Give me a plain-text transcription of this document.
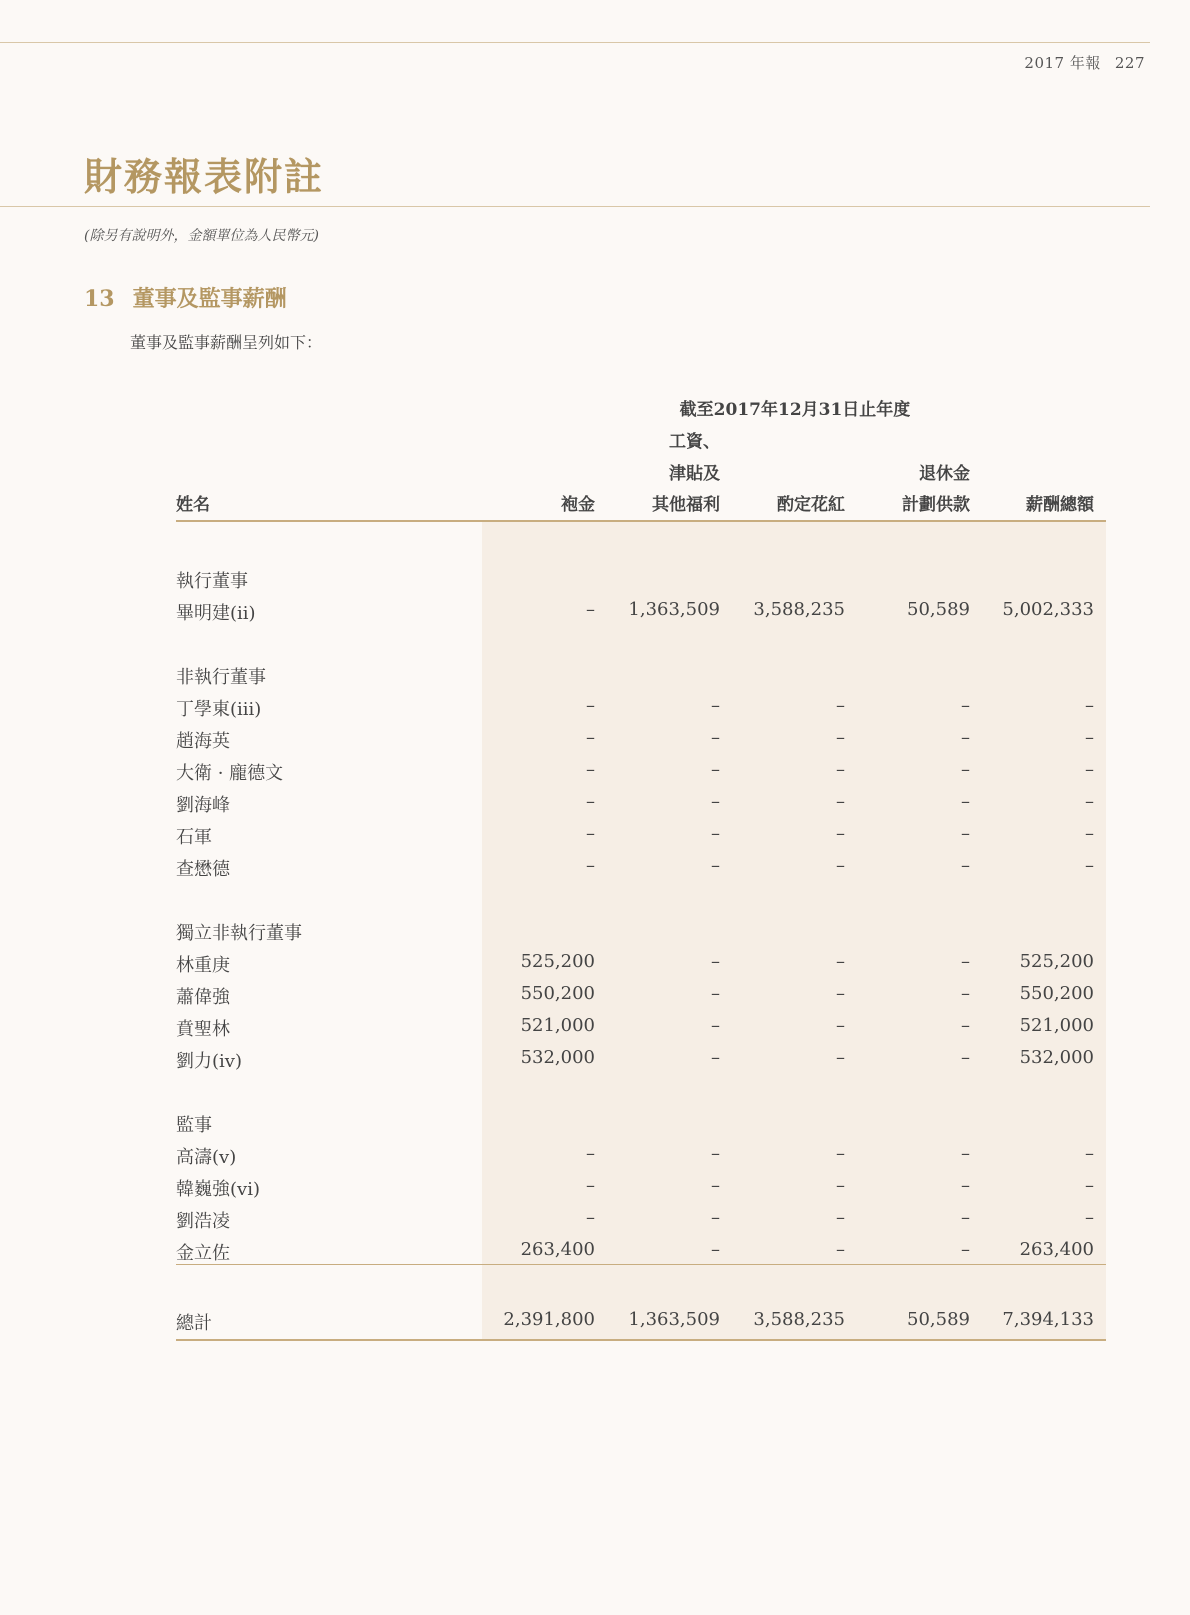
2017 年報 227
財務報表附註
(除另有說明外，金額單位為人民幣元)
13 董事及監事薪酬
董事及監事薪酬呈列如下：
截至2017年12月31日止年度
工資、
津貼及	退休金
姓名	袍金	其他福利	酌定花紅	計劃供款	薪酬總額
執行董事
畢明建(ii)	–	1,363,509	3,588,235	50,589	5,002,333
非執行董事
丁學東(iii)	–	–	–	–	–
趙海英	–	–	–	–	–
大衛 · 龐德文	–	–	–	–	–
劉海峰	–	–	–	–	–
石軍	–	–	–	–	–
查懋德	–	–	–	–	–
獨立非執行董事
林重庚	525,200	–	–	–	525,200
蕭偉強	550,200	–	–	–	550,200
賁聖林	521,000	–	–	–	521,000
劉力(iv)	532,000	–	–	–	532,000
監事
高濤(v)	–	–	–	–	–
韓巍強(vi)	–	–	–	–	–
劉浩凌	–	–	–	–	–
金立佐	263,400	–	–	–	263,400
總計	2,391,800	1,363,509	3,588,235	50,589	7,394,133
